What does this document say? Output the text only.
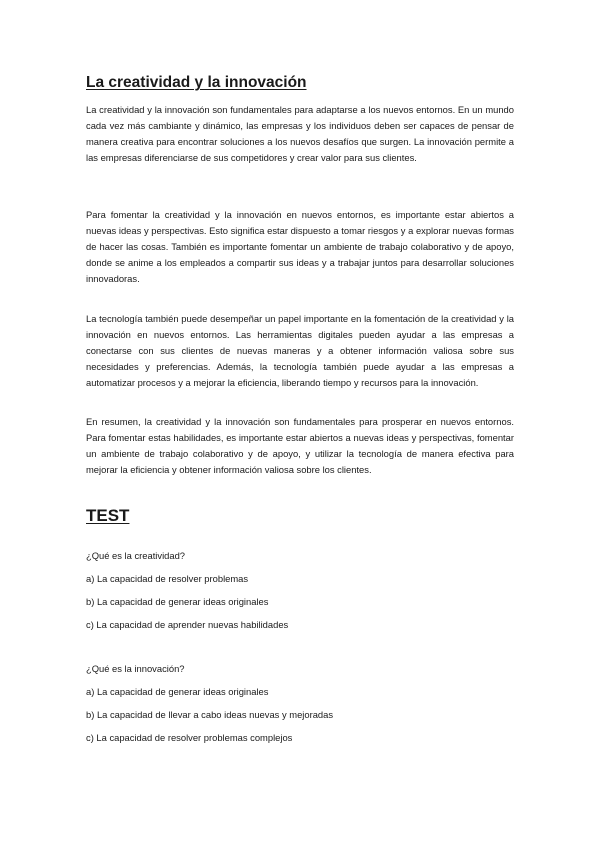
La creatividad y la innovación

La creatividad y la innovación son fundamentales para adaptarse a los nuevos entornos. En un mundo cada vez más cambiante y dinámico, las empresas y los individuos deben ser capaces de pensar de manera creativa para encontrar soluciones a los nuevos desafíos que surgen. La innovación permite a las empresas diferenciarse de sus competidores y crear valor para sus clientes.

Para fomentar la creatividad y la innovación en nuevos entornos, es importante estar abiertos a nuevas ideas y perspectivas. Esto significa estar dispuesto a tomar riesgos y a explorar nuevas formas de hacer las cosas. También es importante fomentar un ambiente de trabajo colaborativo y de apoyo, donde se anime a los empleados a compartir sus ideas y a trabajar juntos para desarrollar soluciones innovadoras.

La tecnología también puede desempeñar un papel importante en la fomentación de la creatividad y la innovación en nuevos entornos. Las herramientas digitales pueden ayudar a las empresas a conectarse con sus clientes de nuevas maneras y a obtener información valiosa sobre sus necesidades y preferencias. Además, la tecnología también puede ayudar a las empresas a automatizar procesos y a mejorar la eficiencia, liberando tiempo y recursos para la innovación.

En resumen, la creatividad y la innovación son fundamentales para prosperar en nuevos entornos. Para fomentar estas habilidades, es importante estar abiertos a nuevas ideas y perspectivas, fomentar un ambiente de trabajo colaborativo y de apoyo, y utilizar la tecnología de manera efectiva para mejorar la eficiencia y obtener información valiosa sobre los clientes.

TEST

¿Qué es la creatividad?

a) La capacidad de resolver problemas

b) La capacidad de generar ideas originales

c) La capacidad de aprender nuevas habilidades

¿Qué es la innovación?

a) La capacidad de generar ideas originales

b) La capacidad de llevar a cabo ideas nuevas y mejoradas

c) La capacidad de resolver problemas complejos
